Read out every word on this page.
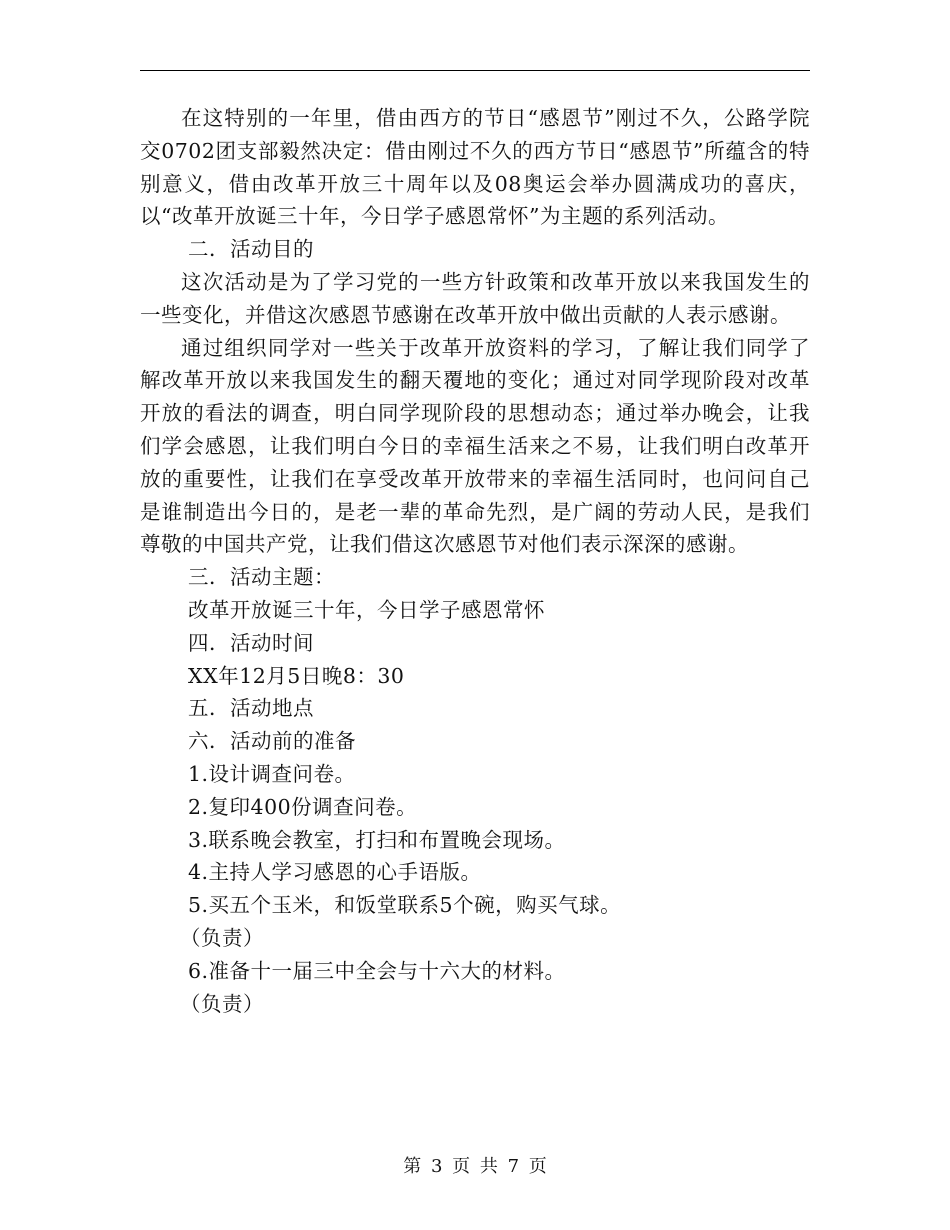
在这特别的一年里，借由西方的节日“感恩节”刚过不久，公路学院交0702团支部毅然决定：借由刚过不久的西方节日“感恩节”所蕴含的特别意义，借由改革开放三十周年以及08奥运会举办圆满成功的喜庆，以“改革开放诞三十年，今日学子感恩常怀”为主题的系列活动。

二．活动目的

这次活动是为了学习党的一些方针政策和改革开放以来我国发生的一些变化，并借这次感恩节感谢在改革开放中做出贡献的人表示感谢。

通过组织同学对一些关于改革开放资料的学习，了解让我们同学了解改革开放以来我国发生的翻天覆地的变化；通过对同学现阶段对改革开放的看法的调查，明白同学现阶段的思想动态；通过举办晚会，让我们学会感恩，让我们明白今日的幸福生活来之不易，让我们明白改革开放的重要性，让我们在享受改革开放带来的幸福生活同时，也问问自己是谁制造出今日的，是老一辈的革命先烈，是广阔的劳动人民，是我们尊敬的中国共产党，让我们借这次感恩节对他们表示深深的感谢。

三．活动主题：

改革开放诞三十年，今日学子感恩常怀

四．活动时间

XX年12月5日晚8：30

五．活动地点

六．活动前的准备

1.设计调查问卷。

2.复印400份调查问卷。

3.联系晚会教室，打扫和布置晚会现场。

4.主持人学习感恩的心手语版。

5.买五个玉米，和饭堂联系5个碗，购买气球。

（负责）

6.准备十一届三中全会与十六大的材料。

（负责）

第 3 页 共 7 页
